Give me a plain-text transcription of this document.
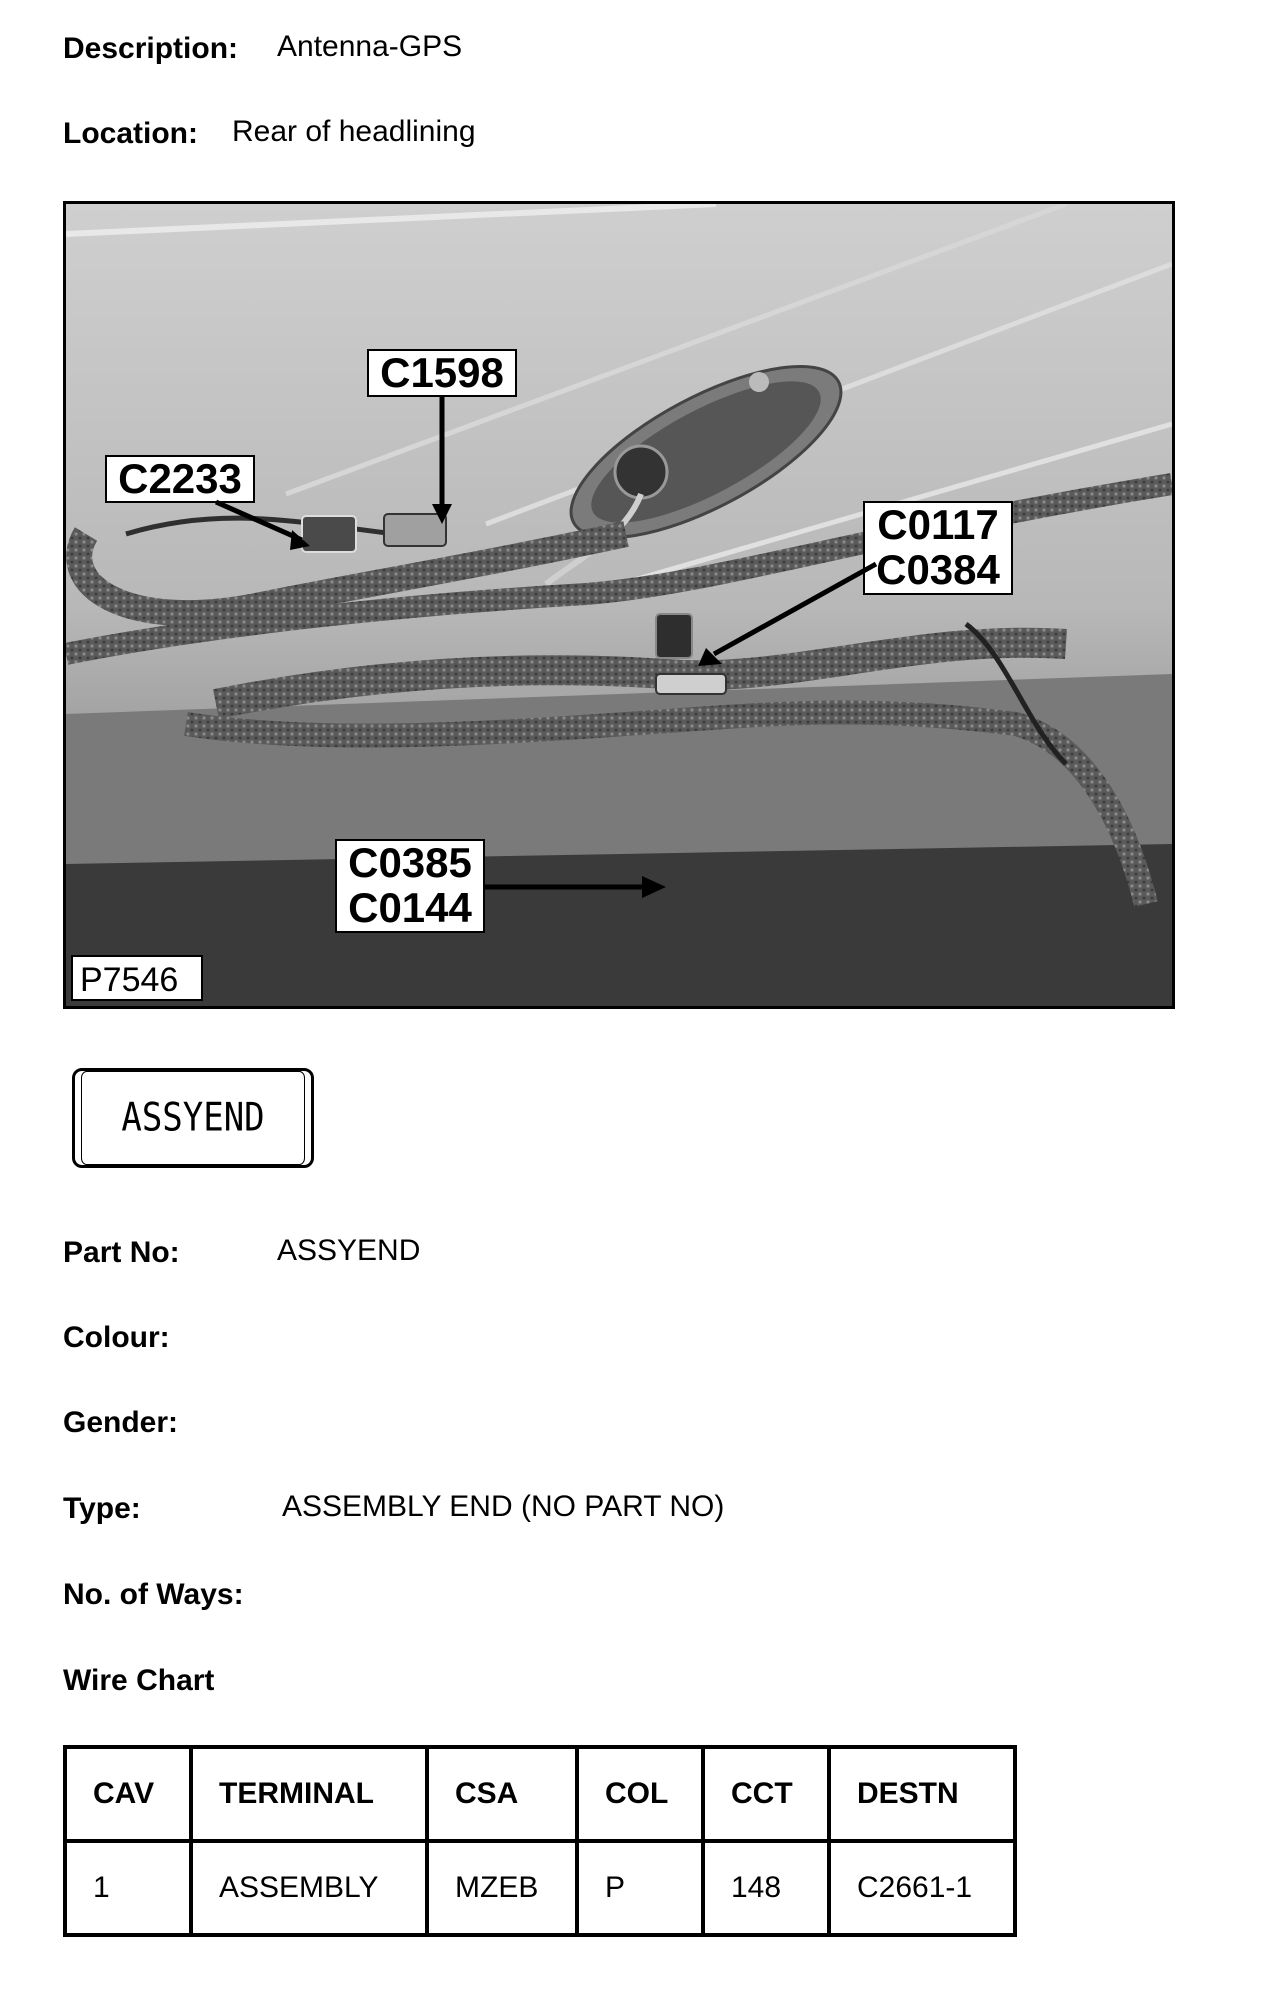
Description: Antenna-GPS
Location: Rear of headlining
C1598
C2233
C0117
C0384
C0385
C0144
P7546
ASSYEND
Part No:	ASSYEND
Colour:
Gender:
Type:	ASSEMBLY END (NO PART NO)
No. of Ways:
Wire Chart
CAV	TERMINAL	CSA	COL	CCT	DESTN
1	ASSEMBLY	MZEB	P	148	C2661-1
